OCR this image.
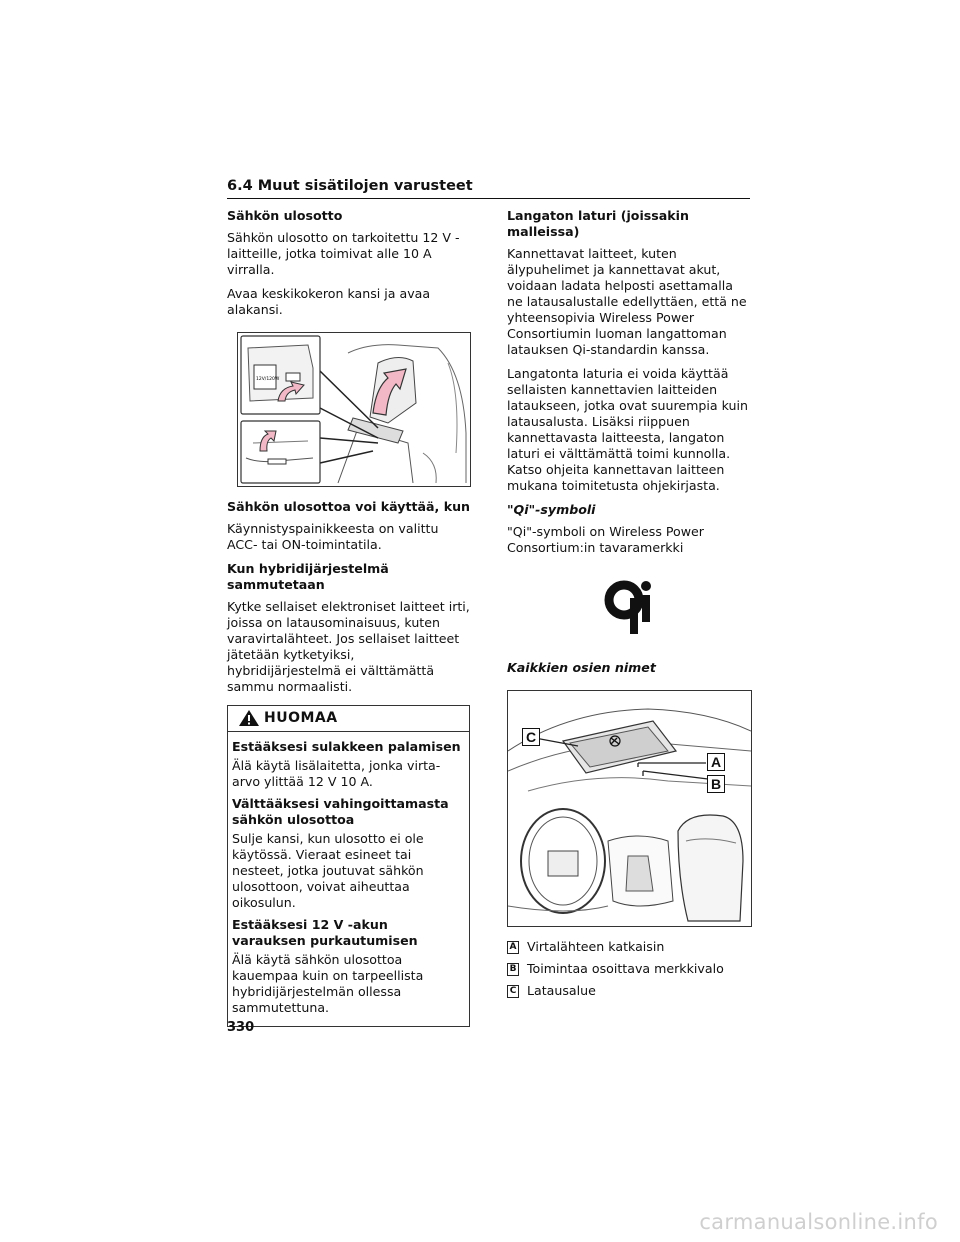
6.4 Muut sisätilojen varusteet
Sähkön ulosotto
Sähkön ulosotto on tarkoitettu 12 V -laitteille, jotka toimivat alle 10 A virralla.
Avaa keskikokeron kansi ja avaa alakansi.
12V/120W
Sähkön ulosottoa voi käyttää, kun
Käynnistyspainikkeesta on valittu ACC- tai ON-toimintatila.
Kun hybridijärjestelmä sammutetaan
Kytke sellaiset elektroniset laitteet irti, joissa on latausominaisuus, kuten varavirtalähteet. Jos sellaiset laitteet jätetään kytketyiksi, hybridijärjestelmä ei välttämättä sammu normaalisti.
HUOMAA
Estääksesi sulakkeen palamisen
Älä käytä lisälaitetta, jonka virta-arvo ylittää 12 V 10 A.
Välttääksesi vahingoittamasta sähkön ulosottoa
Sulje kansi, kun ulosotto ei ole käytössä. Vieraat esineet tai nesteet, jotka joutuvat sähkön ulosottoon, voivat aiheuttaa oikosulun.
Estääksesi 12 V -akun varauksen purkautumisen
Älä käytä sähkön ulosottoa kauempaa kuin on tarpeellista hybridijärjestelmän ollessa sammutettuna.
Langaton laturi (joissakin malleissa)
Kannettavat laitteet, kuten älypuhelimet ja kannettavat akut, voidaan ladata helposti asettamalla ne latausalustalle edellyttäen, että ne yhteensopivia Wireless Power Consortiumin luoman langattoman latauksen Qi-standardin kanssa.
Langatonta laturia ei voida käyttää sellaisten kannettavien laitteiden lataukseen, jotka ovat suurempia kuin latausalusta. Lisäksi riippuen kannettavasta laitteesta, langaton laturi ei välttämättä toimi kunnolla. Katso ohjeita kannettavan laitteen mukana toimitetusta ohjekirjasta.
"Qi"-symboli
"Qi"-symboli on Wireless Power Consortium:in tavaramerkki
Kaikkien osien nimet
C
A
B
A Virtalähteen katkaisin
B Toimintaa osoittava merkkivalo
C Latausalue
330
carmanualsonline.info
